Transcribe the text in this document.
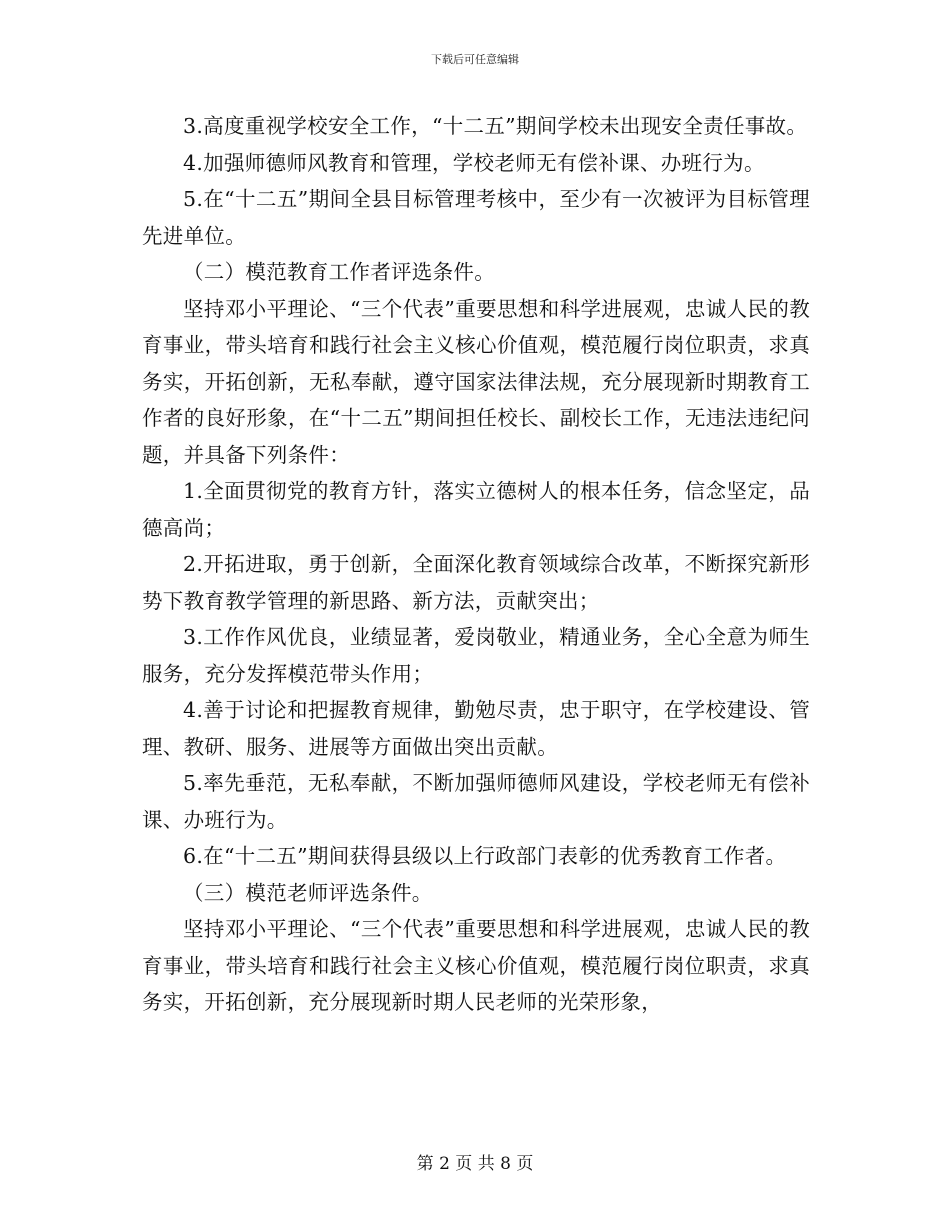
下载后可任意编辑

3.高度重视学校安全工作，“十二五”期间学校未出现安全责任事故。

4.加强师德师风教育和管理，学校老师无有偿补课、办班行为。

5.在“十二五”期间全县目标管理考核中，至少有一次被评为目标管理先进单位。

（二）模范教育工作者评选条件。

坚持邓小平理论、“三个代表”重要思想和科学进展观，忠诚人民的教育事业，带头培育和践行社会主义核心价值观，模范履行岗位职责，求真务实，开拓创新，无私奉献，遵守国家法律法规，充分展现新时期教育工作者的良好形象，在“十二五”期间担任校长、副校长工作，无违法违纪问题，并具备下列条件：

1.全面贯彻党的教育方针，落实立德树人的根本任务，信念坚定，品德高尚；

2.开拓进取，勇于创新，全面深化教育领域综合改革，不断探究新形势下教育教学管理的新思路、新方法，贡献突出；

3.工作作风优良，业绩显著，爱岗敬业，精通业务，全心全意为师生服务，充分发挥模范带头作用；

4.善于讨论和把握教育规律，勤勉尽责，忠于职守，在学校建设、管理、教研、服务、进展等方面做出突出贡献。

5.率先垂范，无私奉献，不断加强师德师风建设，学校老师无有偿补课、办班行为。

6.在“十二五”期间获得县级以上行政部门表彰的优秀教育工作者。

（三）模范老师评选条件。

坚持邓小平理论、“三个代表”重要思想和科学进展观，忠诚人民的教育事业，带头培育和践行社会主义核心价值观，模范履行岗位职责，求真务实，开拓创新，充分展现新时期人民老师的光荣形象，

第 2 页 共 8 页
